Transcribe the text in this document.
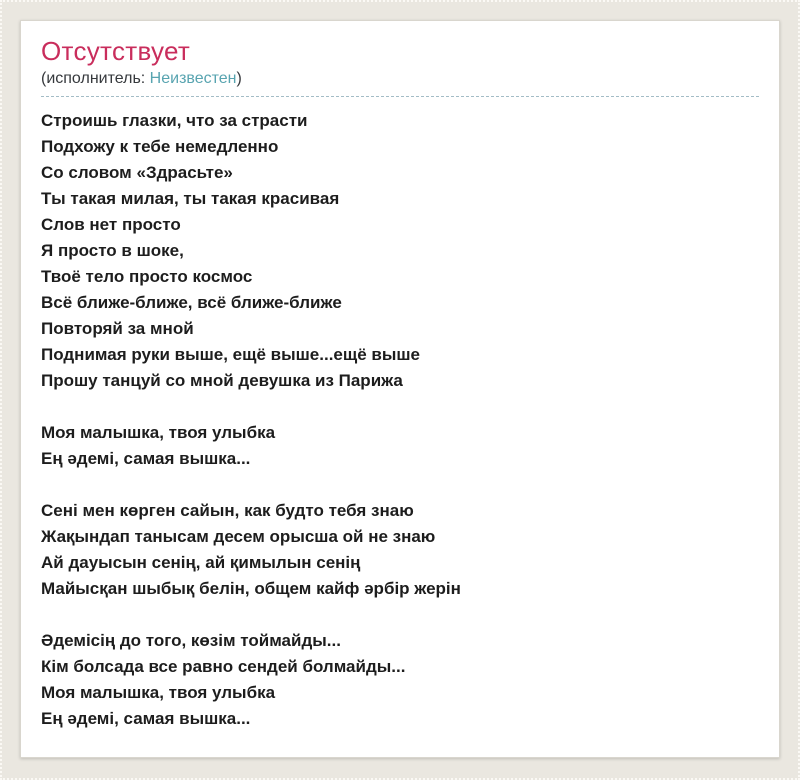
Отсутствует
(исполнитель: Неизвестен)
Строишь глазки, что за страсти
Подхожу к тебе немедленно
Со словом «Здрасьте»
Ты такая милая, ты такая красивая
Слов нет просто
Я просто в шоке,
Твоё тело просто космос
Всё ближе-ближе, всё ближе-ближе
Повторяй за мной
Поднимая руки выше, ещё выше...ещё выше
Прошу танцуй со мной девушка из Парижа

Моя малышка, твоя улыбка
Ең әдемі, самая вышка...

Сені мен көрген сайын, как будто тебя знаю
Жақындап танысам десем орысша ой не знаю
Ай дауысын сенің, ай қимылын сенің
Майысқан шыбық белін, общем кайф әрбір жерін

Әдемісің до того, көзім тоймайды...
Кім болсада все равно сендей болмайды...
Моя малышка, твоя улыбка
Ең әдемі, самая вышка...
